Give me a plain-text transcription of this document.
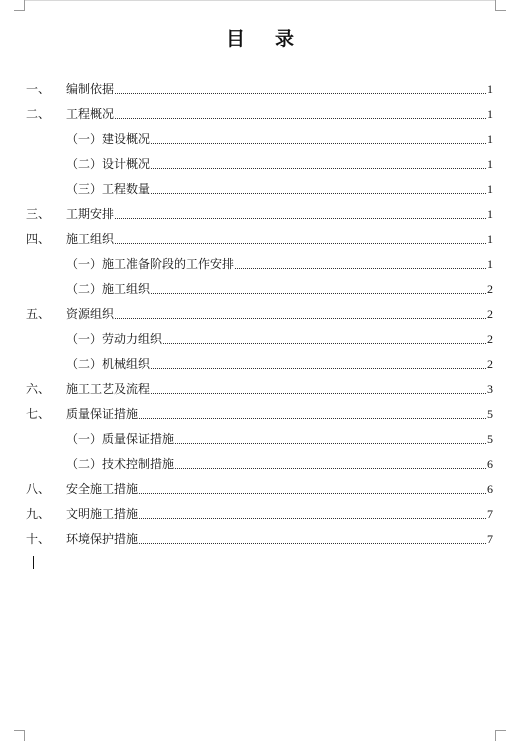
目 录
一、	编制依据	1
二、	工程概况	1
（一）建设概况	1
（二）设计概况	1
（三）工程数量	1
三、	工期安排	1
四、	施工组织	1
（一）施工准备阶段的工作安排	1
（二）施工组织	2
五、	资源组织	2
（一）劳动力组织	2
（二）机械组织	2
六、	施工工艺及流程	3
七、	质量保证措施	5
（一）质量保证措施	5
（二）技术控制措施	6
八、	安全施工措施	6
九、	文明施工措施	7
十、	环境保护措施	7
